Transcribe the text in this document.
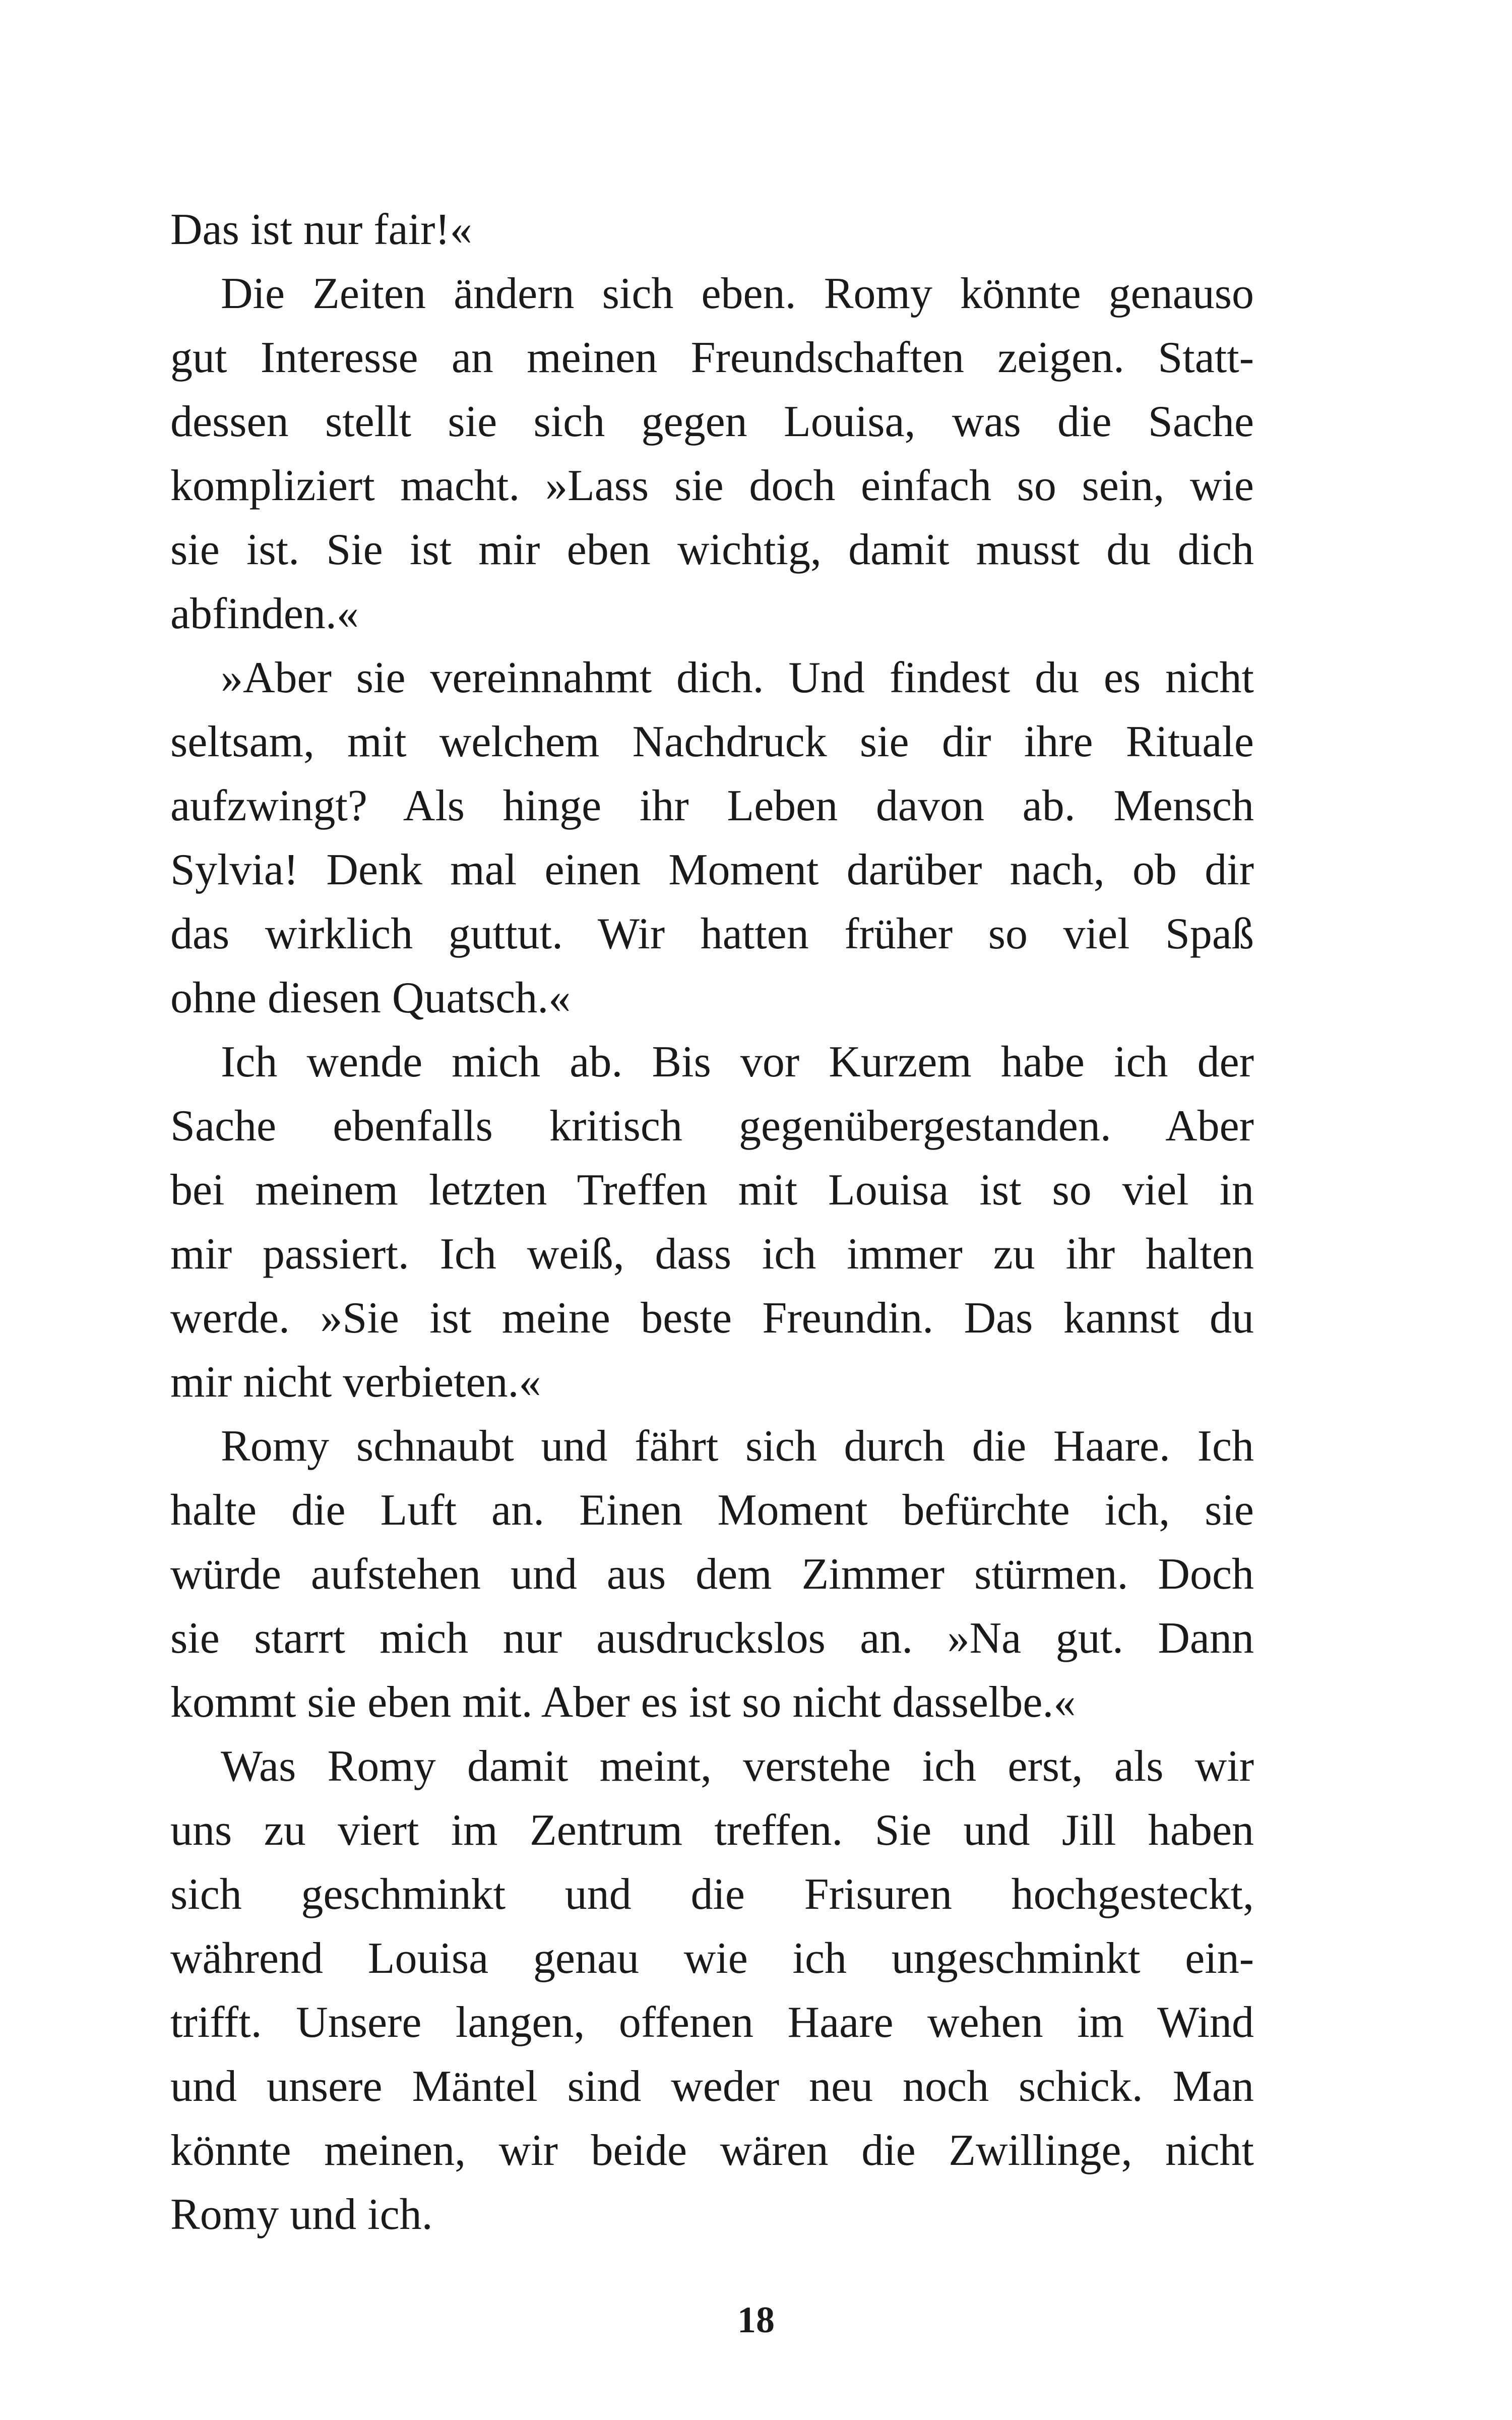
Das ist nur fair!«
Die Zeiten ändern sich eben. Romy könnte genauso
gut Interesse an meinen Freundschaften zeigen. Statt-
dessen stellt sie sich gegen Louisa, was die Sache
kompliziert macht. »Lass sie doch einfach so sein, wie
sie ist. Sie ist mir eben wichtig, damit musst du dich
abfinden.«
»Aber sie vereinnahmt dich. Und findest du es nicht
seltsam, mit welchem Nachdruck sie dir ihre Rituale
aufzwingt? Als hinge ihr Leben davon ab. Mensch
Sylvia! Denk mal einen Moment darüber nach, ob dir
das wirklich guttut. Wir hatten früher so viel Spaß
ohne diesen Quatsch.«
Ich wende mich ab. Bis vor Kurzem habe ich der
Sache ebenfalls kritisch gegenübergestanden. Aber
bei meinem letzten Treffen mit Louisa ist so viel in
mir passiert. Ich weiß, dass ich immer zu ihr halten
werde. »Sie ist meine beste Freundin. Das kannst du
mir nicht verbieten.«
Romy schnaubt und fährt sich durch die Haare. Ich
halte die Luft an. Einen Moment befürchte ich, sie
würde aufstehen und aus dem Zimmer stürmen. Doch
sie starrt mich nur ausdruckslos an. »Na gut. Dann
kommt sie eben mit. Aber es ist so nicht dasselbe.«
Was Romy damit meint, verstehe ich erst, als wir
uns zu viert im Zentrum treffen. Sie und Jill haben
sich geschminkt und die Frisuren hochgesteckt,
während Louisa genau wie ich ungeschminkt ein-
trifft. Unsere langen, offenen Haare wehen im Wind
und unsere Mäntel sind weder neu noch schick. Man
könnte meinen, wir beide wären die Zwillinge, nicht
Romy und ich.
18
